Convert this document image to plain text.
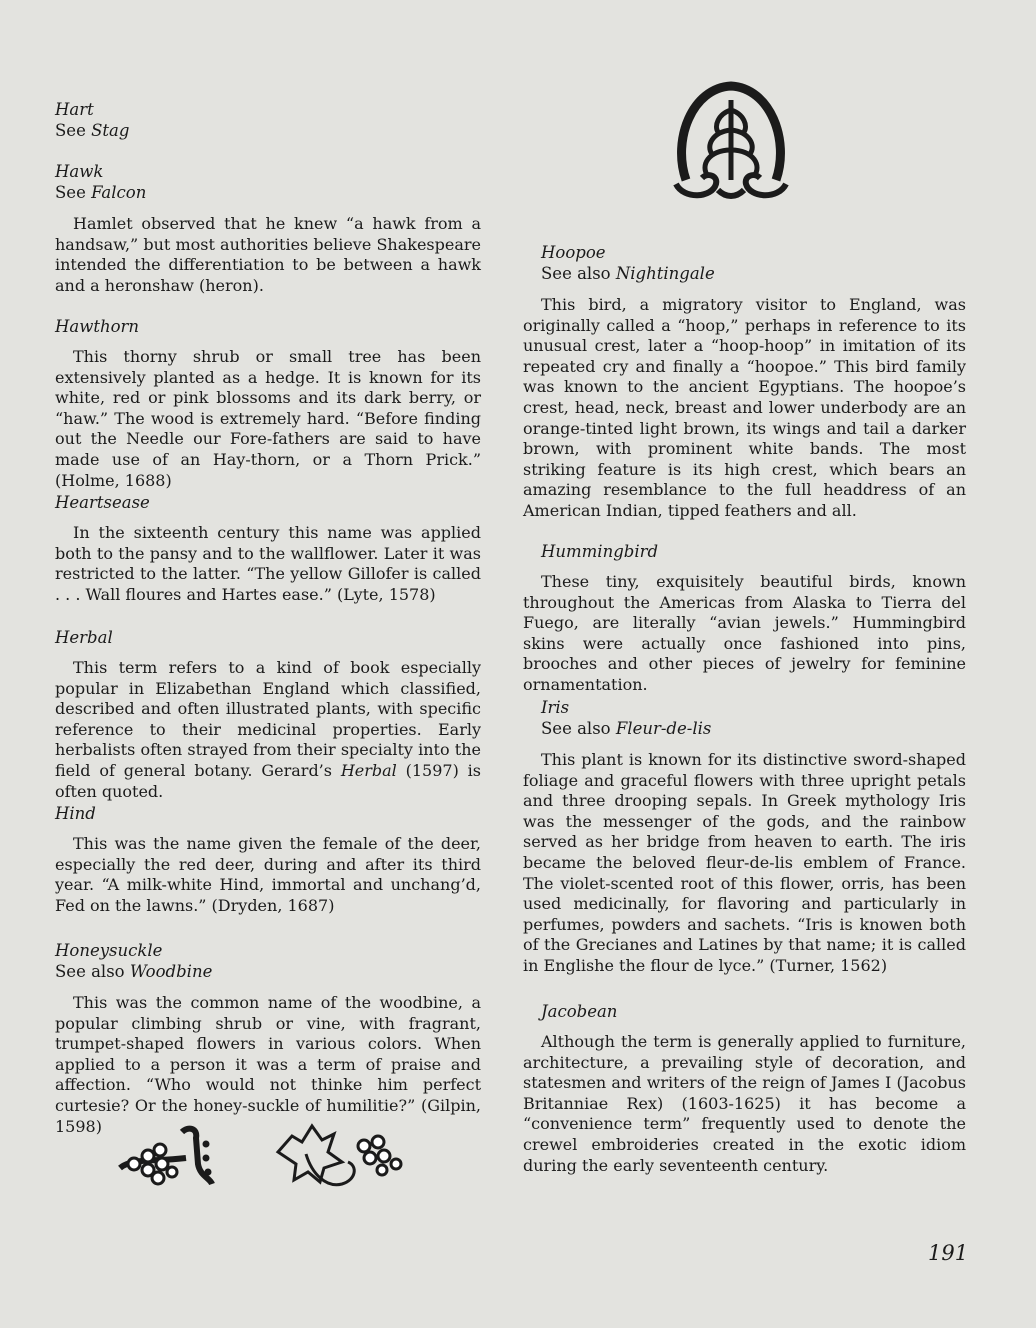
Hart
See Stag
Hawk
See Falcon

Hamlet observed that he knew “a hawk from a handsaw,” but most authorities believe Shakespeare intended the differentiation to be between a hawk and a heronshaw (heron).

Hawthorn

This thorny shrub or small tree has been extensively planted as a hedge. It is known for its white, red or pink blossoms and its dark berry, or “haw.” The wood is extremely hard. “Before finding out the Needle our Fore-fathers are said to have made use of an Hay-thorn, or a Thorn Prick.” (Holme, 1688)

Heartsease

In the sixteenth century this name was applied both to the pansy and to the wallflower. Later it was restricted to the latter. “The yellow Gillofer is called . . . Wall floures and Hartes ease.” (Lyte, 1578)

Herbal

This term refers to a kind of book especially popular in Elizabethan England which classified, described and often illustrated plants, with specific reference to their medicinal properties. Early herbalists often strayed from their specialty into the field of general botany. Gerard’s Herbal (1597) is often quoted.

Hind

This was the name given the female of the deer, especially the red deer, during and after its third year. “A milk-white Hind, immortal and unchang’d, Fed on the lawns.” (Dryden, 1687)

Honeysuckle
See also Woodbine

This was the common name of the woodbine, a popular climbing shrub or vine, with fragrant, trumpet-shaped flowers in various colors. When applied to a person it was a term of praise and affection. “Who would not thinke him perfect curtesie? Or the honey-suckle of humilitie?” (Gilpin, 1598)

Hoopoe
See also Nightingale

This bird, a migratory visitor to England, was originally called a “hoop,” perhaps in reference to its unusual crest, later a “hoop-hoop” in imitation of its repeated cry and finally a “hoopoe.” This bird family was known to the ancient Egyptians. The hoopoe’s crest, head, neck, breast and lower underbody are an orange-tinted light brown, its wings and tail a darker brown, with prominent white bands. The most striking feature is its high crest, which bears an amazing resemblance to the full headdress of an American Indian, tipped feathers and all.

Hummingbird

These tiny, exquisitely beautiful birds, known throughout the Americas from Alaska to Tierra del Fuego, are literally “avian jewels.” Hummingbird skins were actually once fashioned into pins, brooches and other pieces of jewelry for feminine ornamentation.

Iris
See also Fleur-de-lis

This plant is known for its distinctive sword-shaped foliage and graceful flowers with three upright petals and three drooping sepals. In Greek mythology Iris was the messenger of the gods, and the rainbow served as her bridge from heaven to earth. The iris became the beloved fleur-de-lis emblem of France. The violet-scented root of this flower, orris, has been used medicinally, for flavoring and particularly in perfumes, powders and sachets. “Iris is knowen both of the Grecianes and Latines by that name; it is called in Englishe the flour de lyce.” (Turner, 1562)

Jacobean

Although the term is generally applied to furniture, architecture, a prevailing style of decoration, and statesmen and writers of the reign of James I (Jacobus Britanniae Rex) (1603-1625) it has become a “convenience term” frequently used to denote the crewel embroideries created in the exotic idiom during the early seventeenth century.

191
